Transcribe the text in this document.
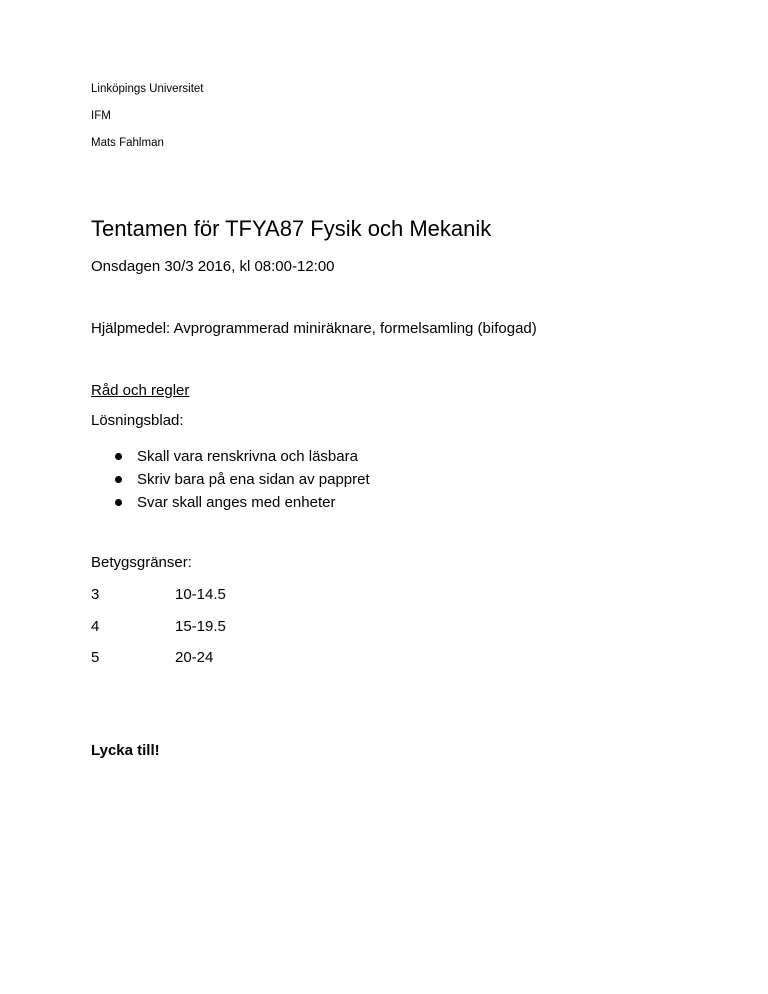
Linköpings Universitet
IFM
Mats Fahlman
Tentamen för TFYA87 Fysik och Mekanik
Onsdagen 30/3 2016, kl 08:00-12:00
Hjälpmedel: Avprogrammerad miniräknare, formelsamling (bifogad)
Råd och regler
Lösningsblad:
Skall vara renskrivna och läsbara
Skriv bara på ena sidan av pappret
Svar skall anges med enheter
Betygsgränser:
3	10-14.5
4	15-19.5
5	20-24
Lycka till!
